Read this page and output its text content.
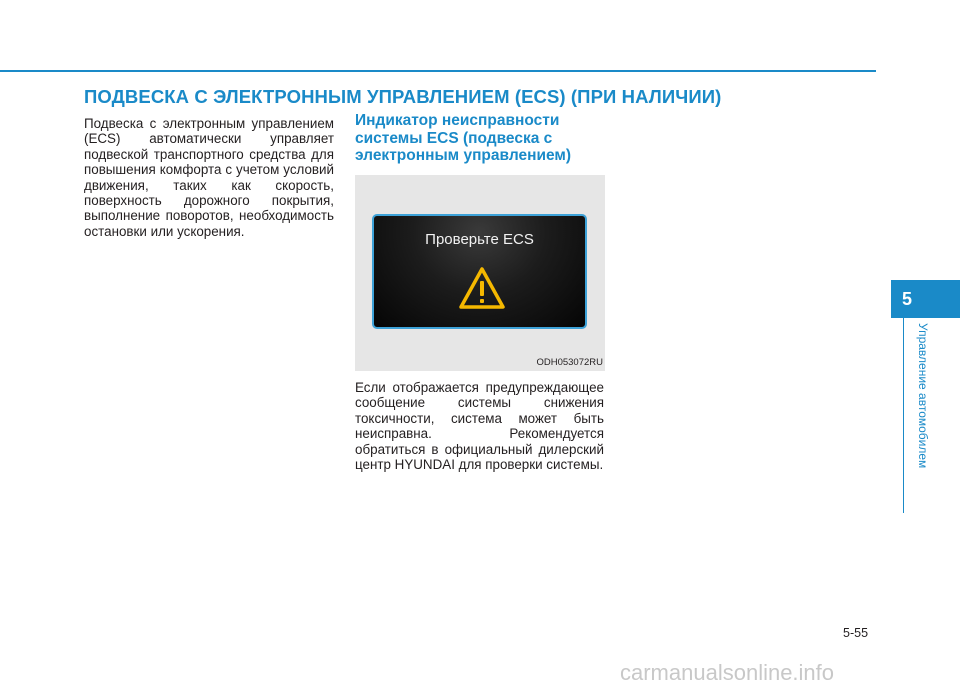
ПОДВЕСКА С ЭЛЕКТРОННЫМ УПРАВЛЕНИЕМ (ECS) (ПРИ НАЛИЧИИ)

Подвеска с электронным управлением (ECS) автоматически управляет подвеской транспортного средства для повышения комфорта с учетом условий движения, таких как скорость, поверхность дорожного покрытия, выполнение поворотов, необходимость остановки или ускорения.

Индикатор неисправности системы ECS (подвеска с электронным управлением)
Проверьте ECS
ODH053072RU

Если отображается предупреждающее сообщение системы снижения токсичности, система может быть неисправна. Рекомендуется обратиться в официальный дилерский центр HYUNDAI для проверки системы.

5
Управление автомобилем
5-55
carmanualsonline.info
